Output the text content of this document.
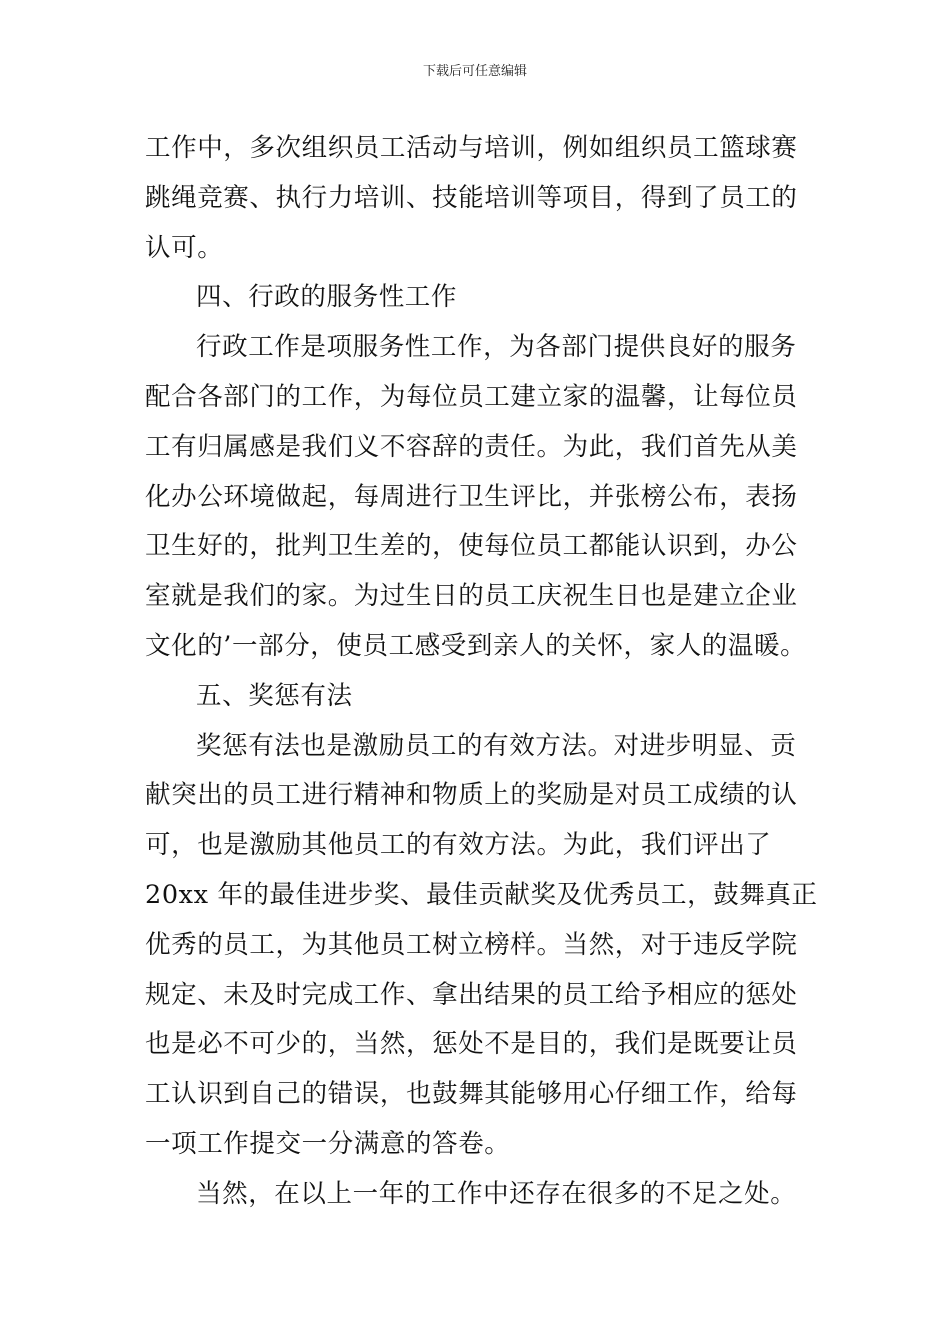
下载后可任意编辑
工作中，多次组织员工活动与培训，例如组织员工篮球赛
跳绳竞赛、执行力培训、技能培训等项目，得到了员工的
认可。
四、行政的服务性工作
行政工作是项服务性工作，为各部门提供良好的服务
配合各部门的工作，为每位员工建立家的温馨，让每位员
工有归属感是我们义不容辞的责任。为此，我们首先从美
化办公环境做起，每周进行卫生评比，并张榜公布，表扬
卫生好的，批判卫生差的，使每位员工都能认识到，办公
室就是我们的家。为过生日的员工庆祝生日也是建立企业
文化的’一部分，使员工感受到亲人的关怀，家人的温暖。
五、奖惩有法
奖惩有法也是激励员工的有效方法。对进步明显、贡
献突出的员工进行精神和物质上的奖励是对员工成绩的认
可，也是激励其他员工的有效方法。为此，我们评出了
20xx 年的最佳进步奖、最佳贡献奖及优秀员工，鼓舞真正
优秀的员工，为其他员工树立榜样。当然，对于违反学院
规定、未及时完成工作、拿出结果的员工给予相应的惩处
也是必不可少的，当然，惩处不是目的，我们是既要让员
工认识到自己的错误，也鼓舞其能够用心仔细工作，给每
一项工作提交一分满意的答卷。
当然，在以上一年的工作中还存在很多的不足之处。
